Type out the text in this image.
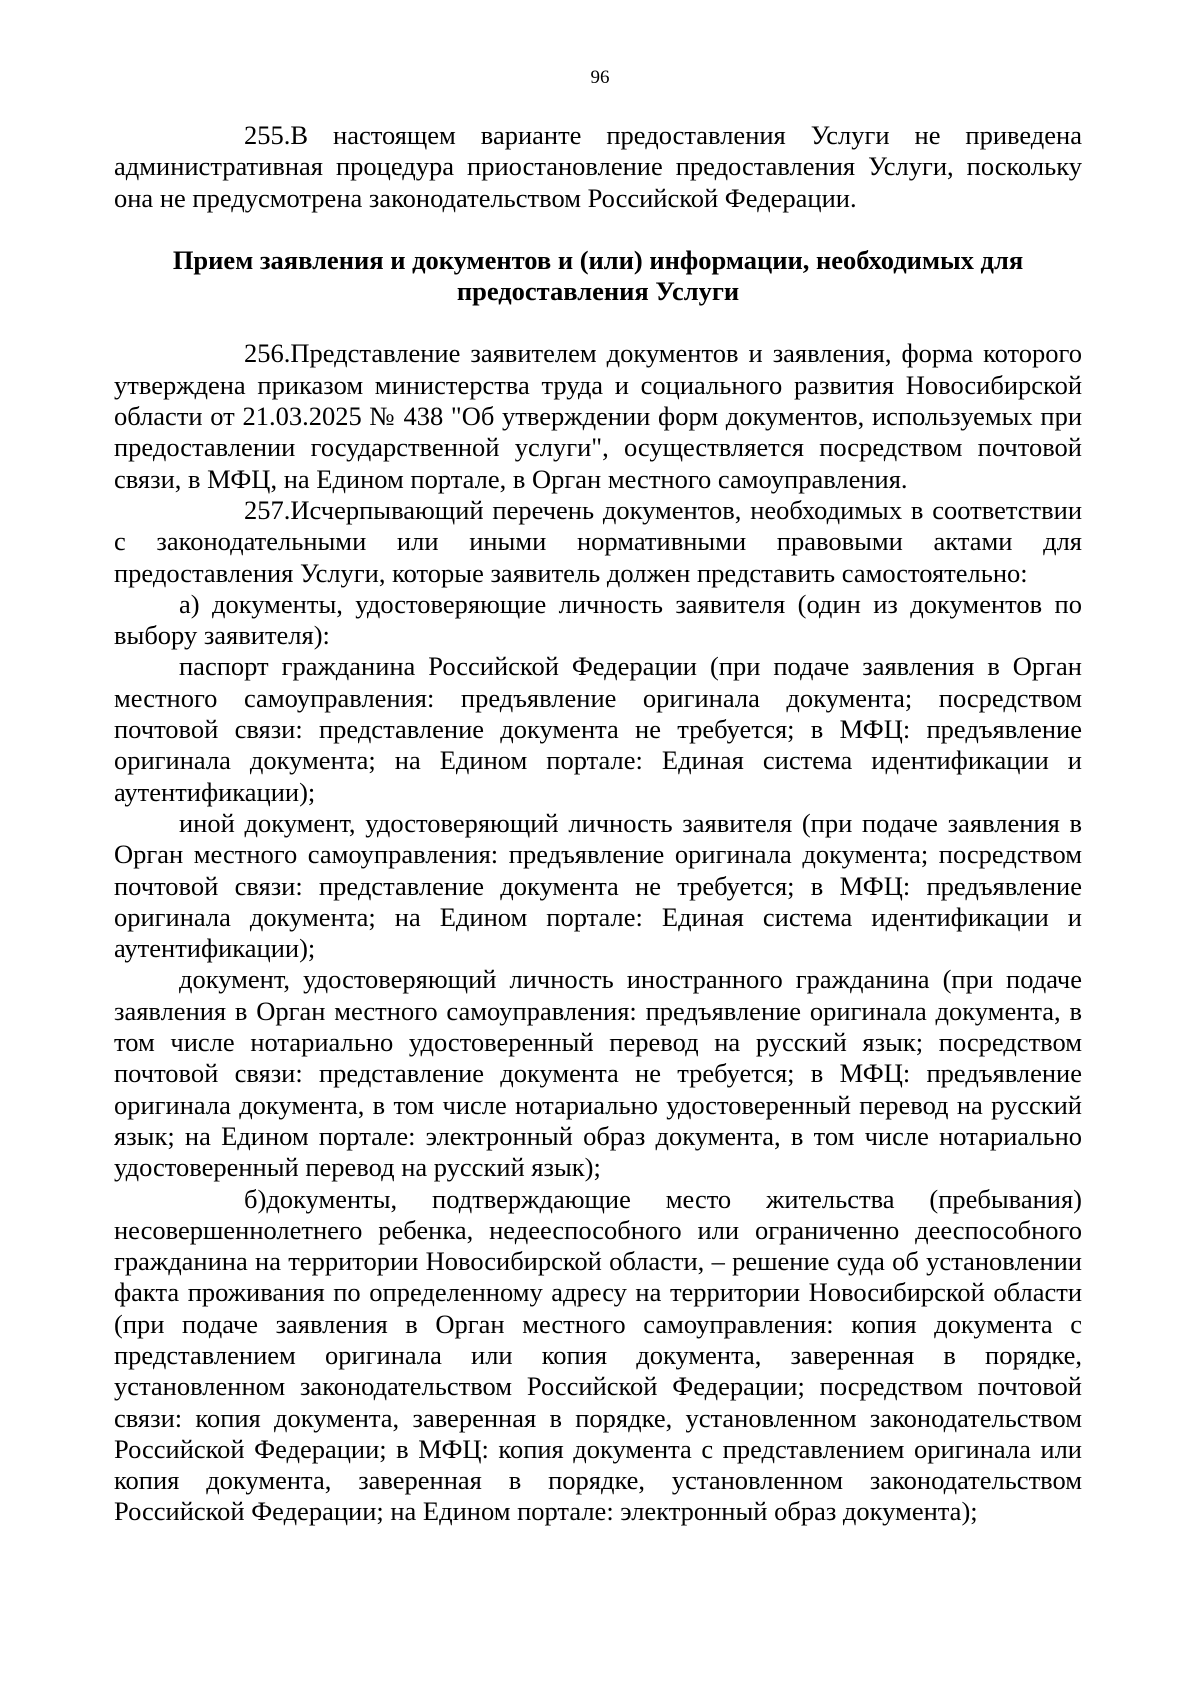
96

255.В настоящем варианте предоставления Услуги не приведена административная процедура приостановление предоставления Услуги, поскольку она не предусмотрена законодательством Российской Федерации.

Прием заявления и документов и (или) информации, необходимых для предоставления Услуги

256.Представление заявителем документов и заявления, форма которого утверждена приказом министерства труда и социального развития Новосибирской области от 21.03.2025 № 438 "Об утверждении форм документов, используемых при предоставлении государственной услуги", осуществляется посредством почтовой связи, в МФЦ, на Едином портале, в Орган местного самоуправления.

257.Исчерпывающий перечень документов, необходимых в соответствии с законодательными или иными нормативными правовыми актами для предоставления Услуги, которые заявитель должен представить самостоятельно:

а) документы, удостоверяющие личность заявителя (один из документов по выбору заявителя):

паспорт гражданина Российской Федерации (при подаче заявления в Орган местного самоуправления: предъявление оригинала документа; посредством почтовой связи: представление документа не требуется; в МФЦ: предъявление оригинала документа; на Едином портале: Единая система идентификации и аутентификации);

иной документ, удостоверяющий личность заявителя (при подаче заявления в Орган местного самоуправления: предъявление оригинала документа; посредством почтовой связи: представление документа не требуется; в МФЦ: предъявление оригинала документа; на Едином портале: Единая система идентификации и аутентификации);

документ, удостоверяющий личность иностранного гражданина (при подаче заявления в Орган местного самоуправления: предъявление оригинала документа, в том числе нотариально удостоверенный перевод на русский язык; посредством почтовой связи: представление документа не требуется; в МФЦ: предъявление оригинала документа, в том числе нотариально удостоверенный перевод на русский язык; на Едином портале: электронный образ документа, в том числе нотариально удостоверенный перевод на русский язык);

б)документы, подтверждающие место жительства (пребывания) несовершеннолетнего ребенка, недееспособного или ограниченно дееспособного гражданина на территории Новосибирской области, – решение суда об установлении факта проживания по определенному адресу на территории Новосибирской области (при подаче заявления в Орган местного самоуправления: копия документа с представлением оригинала или копия документа, заверенная в порядке, установленном законодательством Российской Федерации; посредством почтовой связи: копия документа, заверенная в порядке, установленном законодательством Российской Федерации; в МФЦ: копия документа с представлением оригинала или копия документа, заверенная в порядке, установленном законодательством Российской Федерации; на Едином портале: электронный образ документа);
